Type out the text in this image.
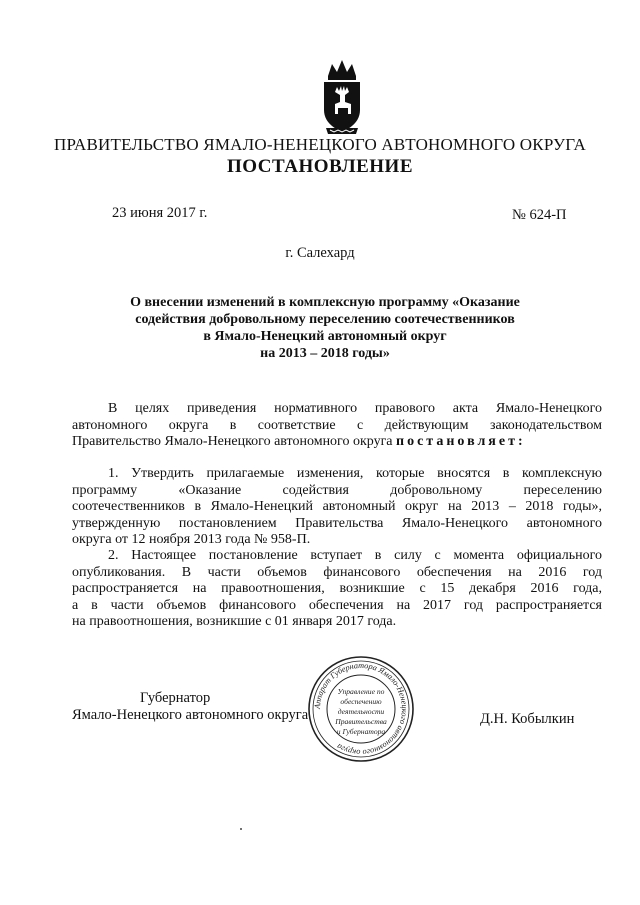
ПРАВИТЕЛЬСТВО ЯМАЛО-НЕНЕЦКОГО АВТОНОМНОГО ОКРУГА
ПОСТАНОВЛЕНИЕ
23 июня 2017 г.	№ 624-П
г. Салехард
О внесении изменений в комплексную программу «Оказание
содействия добровольному переселению соотечественников
в Ямало-Ненецкий автономный округ
на 2013 – 2018 годы»
В целях приведения нормативного правового акта Ямало-Ненецкого
автономного округа в соответствие с действующим законодательством
Правительство Ямало-Ненецкого автономного округа постановляет:
1. Утвердить прилагаемые изменения, которые вносятся в комплексную
программу «Оказание содействия добровольному переселению
соотечественников в Ямало-Ненецкий автономный округ на 2013 – 2018 годы»,
утвержденную постановлением Правительства Ямало-Ненецкого автономного
округа от 12 ноября 2013 года № 958-П.
2. Настоящее постановление вступает в силу с момента официального
опубликования. В части объемов финансового обеспечения на 2016 год
распространяется на правоотношения, возникшие с 15 декабря 2016 года,
а в части объемов финансового обеспечения на 2017 год распространяется
на правоотношения, возникшие с 01 января 2017 года.
Губернатор
Ямало-Ненецкого автономного округа	Д.Н. Кобылкин
Аппарат Губернатора Ямало-Ненецкого автономного округа
Управление по
обеспечению
деятельности
Правительства
и Губернатора
